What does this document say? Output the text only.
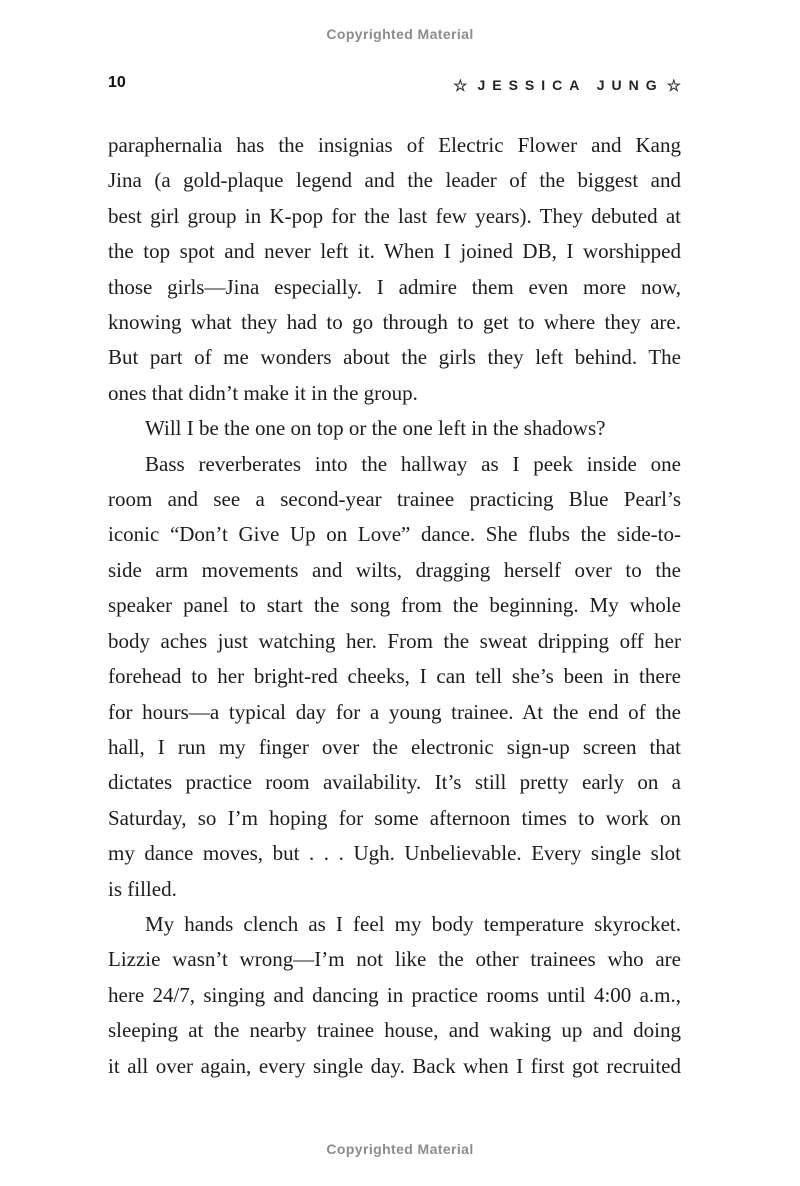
Copyrighted Material
10	☆ JESSICA JUNG ☆
paraphernalia has the insignias of Electric Flower and Kang
Jina (a gold-plaque legend and the leader of the biggest and
best girl group in K-pop for the last few years). They debuted at
the top spot and never left it. When I joined DB, I worshipped
those girls—Jina especially. I admire them even more now,
knowing what they had to go through to get to where they are.
But part of me wonders about the girls they left behind. The
ones that didn’t make it in the group.
Will I be the one on top or the one left in the shadows?
Bass reverberates into the hallway as I peek inside one
room and see a second-year trainee practicing Blue Pearl’s
iconic “Don’t Give Up on Love” dance. She flubs the side-to-
side arm movements and wilts, dragging herself over to the
speaker panel to start the song from the beginning. My whole
body aches just watching her. From the sweat dripping off her
forehead to her bright-red cheeks, I can tell she’s been in there
for hours—a typical day for a young trainee. At the end of the
hall, I run my finger over the electronic sign-up screen that
dictates practice room availability. It’s still pretty early on a
Saturday, so I’m hoping for some afternoon times to work on
my dance moves, but . . . Ugh. Unbelievable. Every single slot
is filled.
My hands clench as I feel my body temperature skyrocket.
Lizzie wasn’t wrong—I’m not like the other trainees who are
here 24/7, singing and dancing in practice rooms until 4:00 a.m.,
sleeping at the nearby trainee house, and waking up and doing
it all over again, every single day. Back when I first got recruited
Copyrighted Material
